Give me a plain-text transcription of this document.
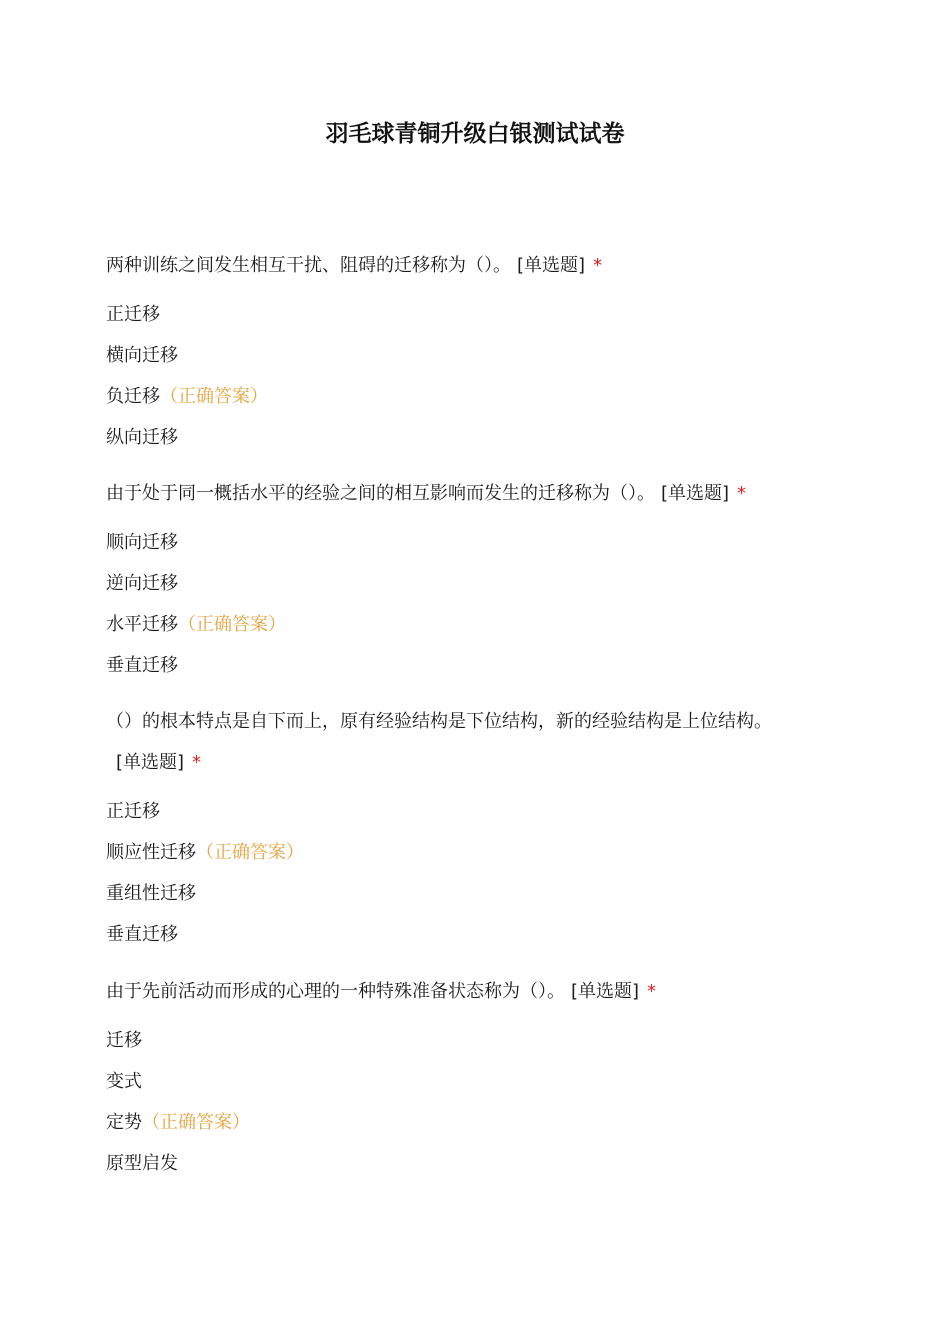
羽毛球青铜升级白银测试试卷

两种训练之间发生相互干扰、阻碍的迁移称为（）。 [单选题] *

正迁移
横向迁移
负迁移（正确答案）
纵向迁移

由于处于同一概括水平的经验之间的相互影响而发生的迁移称为（）。 [单选题] *

顺向迁移
逆向迁移
水平迁移（正确答案）
垂直迁移

（）的根本特点是自下而上，原有经验结构是下位结构，新的经验结构是上位结构。
[单选题] *

正迁移
顺应性迁移（正确答案）
重组性迁移
垂直迁移

由于先前活动而形成的心理的一种特殊准备状态称为（）。 [单选题] *

迁移
变式
定势（正确答案）
原型启发
